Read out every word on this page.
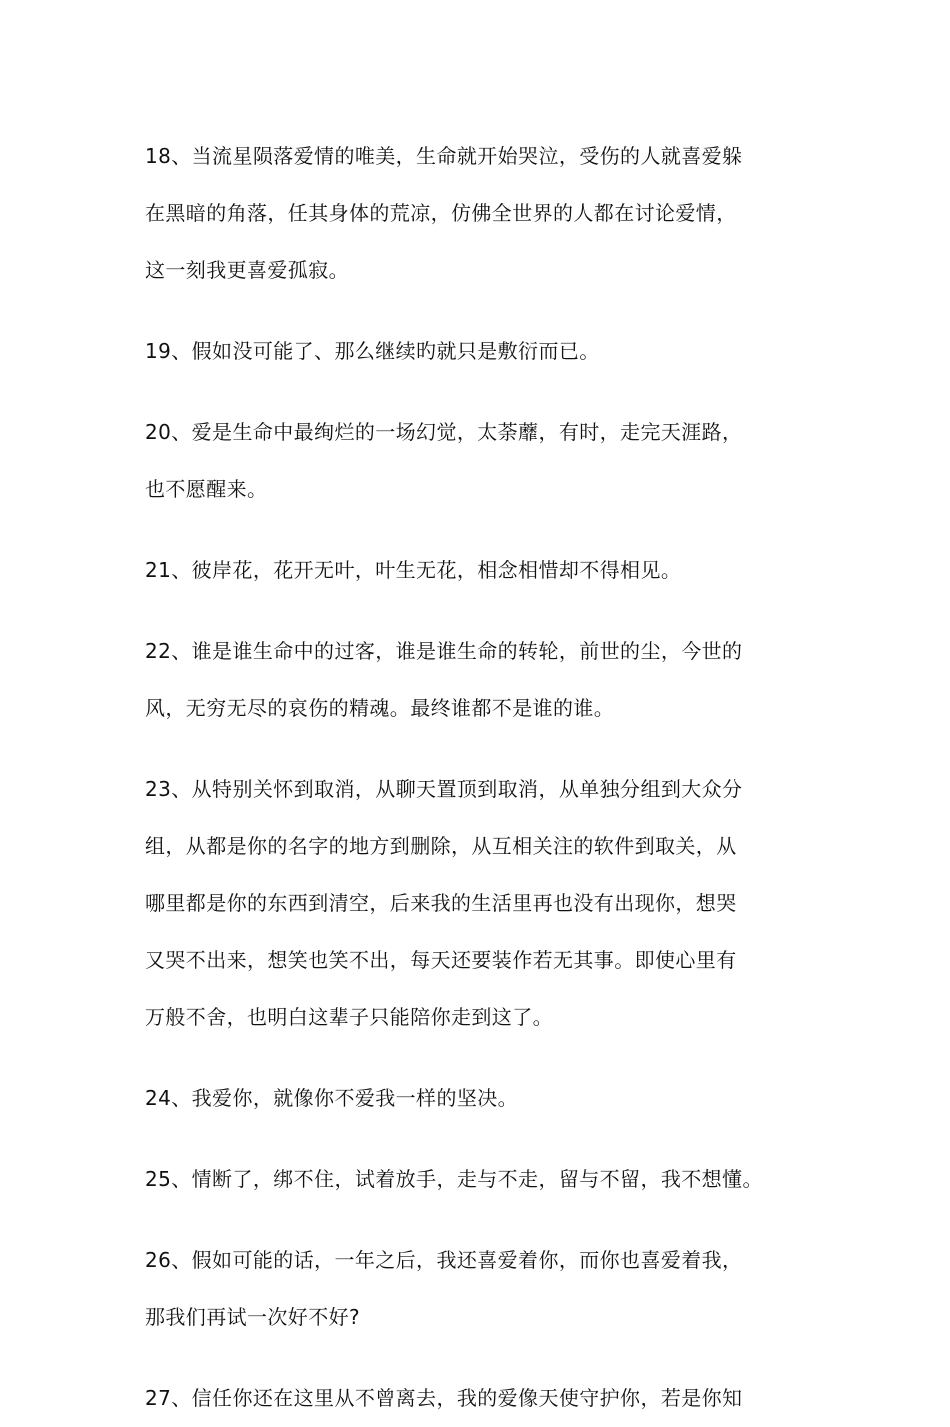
18、当流星陨落爱情的唯美，生命就开始哭泣，受伤的人就喜爱躲
在黑暗的角落，任其身体的荒凉，仿佛全世界的人都在讨论爱情，
这一刻我更喜爱孤寂。

19、假如没可能了、那么继续旳就只是敷衍而已。

20、爱是生命中最绚烂的一场幻觉，太荼蘼，有时，走完天涯路，
也不愿醒来。

21、彼岸花，花开无叶，叶生无花，相念相惜却不得相见。

22、谁是谁生命中的过客，谁是谁生命的转轮，前世的尘，今世的
风，无穷无尽的哀伤的精魂。最终谁都不是谁的谁。

23、从特别关怀到取消，从聊天置顶到取消，从单独分组到大众分
组，从都是你的名字的地方到删除，从互相关注的软件到取关，从
哪里都是你的东西到清空，后来我的生活里再也没有出现你，想哭
又哭不出来，想笑也笑不出，每天还要装作若无其事。即使心里有
万般不舍，也明白这辈子只能陪你走到这了。

24、我爱你，就像你不爱我一样的坚决。

25、情断了，绑不住，试着放手，走与不走，留与不留，我不想懂。

26、假如可能的话，一年之后，我还喜爱着你，而你也喜爱着我，
那我们再试一次好不好?

27、信任你还在这里从不曾离去，我的爱像天使守护你，若是你知
